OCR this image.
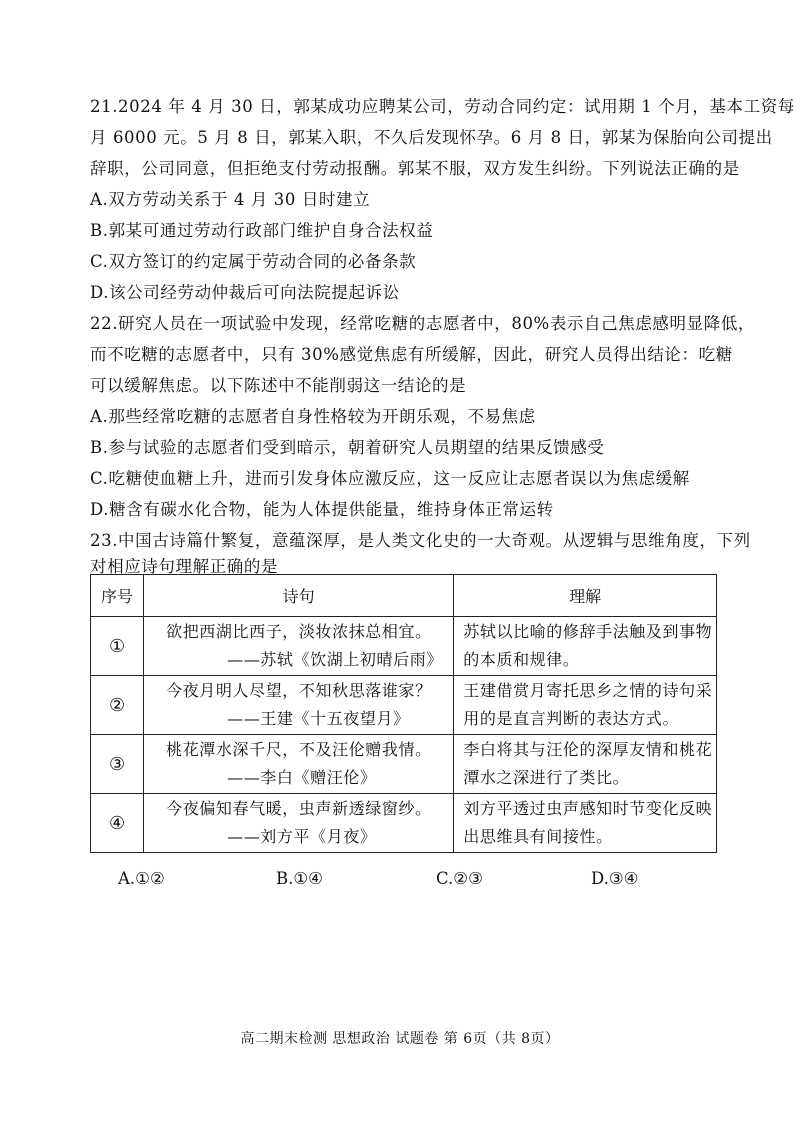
21.2024 年 4 月 30 日，郭某成功应聘某公司，劳动合同约定：试用期 1 个月，基本工资每
月 6000 元。5 月 8 日，郭某入职，不久后发现怀孕。6 月 8 日，郭某为保胎向公司提出
辞职，公司同意，但拒绝支付劳动报酬。郭某不服，双方发生纠纷。下列说法正确的是
A.双方劳动关系于 4 月 30 日时建立
B.郭某可通过劳动行政部门维护自身合法权益
C.双方签订的约定属于劳动合同的必备条款
D.该公司经劳动仲裁后可向法院提起诉讼
22.研究人员在一项试验中发现，经常吃糖的志愿者中，80%表示自己焦虑感明显降低，
而不吃糖的志愿者中，只有 30%感觉焦虑有所缓解，因此，研究人员得出结论：吃糖
可以缓解焦虑。以下陈述中不能削弱这一结论的是
A.那些经常吃糖的志愿者自身性格较为开朗乐观，不易焦虑
B.参与试验的志愿者们受到暗示，朝着研究人员期望的结果反馈感受
C.吃糖使血糖上升，进而引发身体应激反应，这一反应让志愿者误以为焦虑缓解
D.糖含有碳水化合物，能为人体提供能量，维持身体正常运转
23.中国古诗篇什繁复，意蕴深厚，是人类文化史的一大奇观。从逻辑与思维角度，下列
对相应诗句理解正确的是
序号	诗句	理解
①	欲把西湖比西子，淡妆浓抹总相宜。
——苏轼《饮湖上初晴后雨》	苏轼以比喻的修辞手法触及到事物
的本质和规律。

②	今夜月明人尽望，不知秋思落谁家？
——王建《十五夜望月》	王建借赏月寄托思乡之情的诗句采
用的是直言判断的表达方式。

③	桃花潭水深千尺，不及汪伦赠我情。
——李白《赠汪伦》	李白将其与汪伦的深厚友情和桃花
潭水之深进行了类比。

④	今夜偏知春气暖，虫声新透绿窗纱。
——刘方平《月夜》	刘方平透过虫声感知时节变化反映
出思维具有间接性。
A.①②	B.①④	C.②③	D.③④
高二期末检测 思想政治 试题卷 第 6页（共 8页）
